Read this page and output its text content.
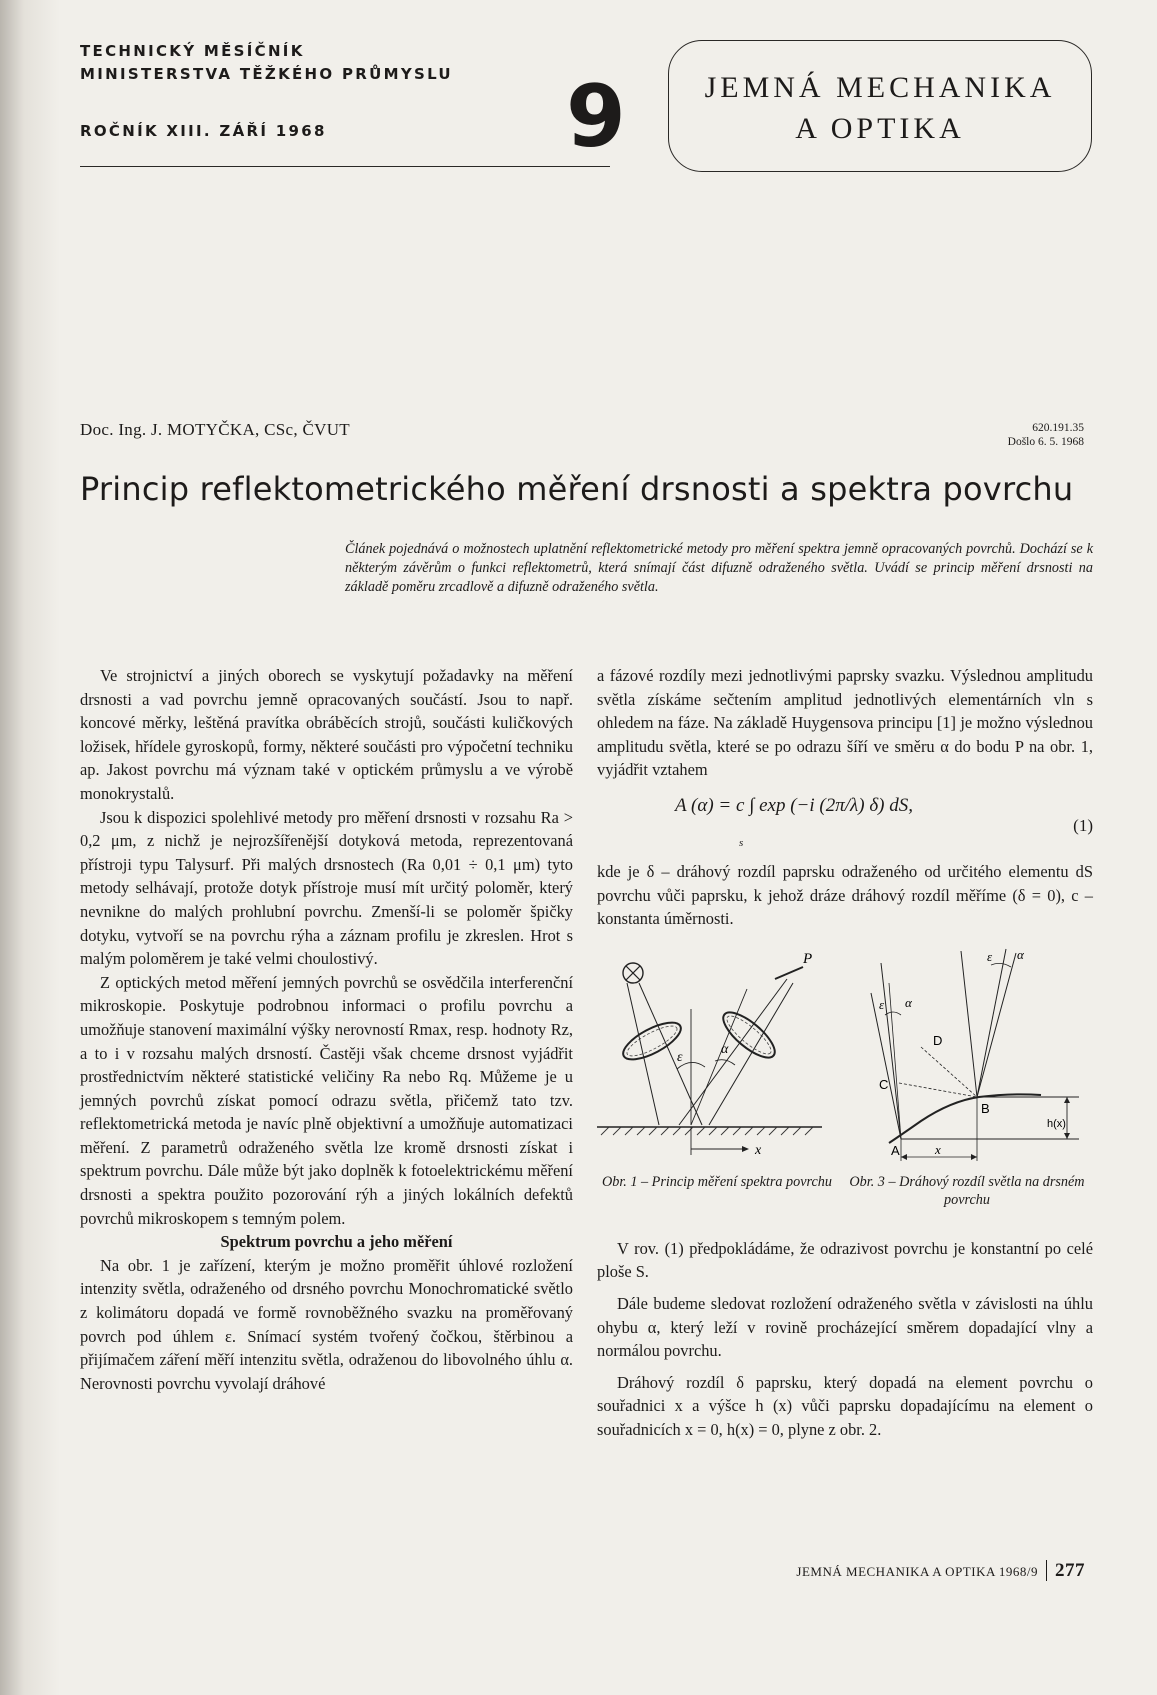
TECHNICKÝ MĚSÍČNÍK
MINISTERSTVA TĚŽKÉHO PRŮMYSLU
ROČNÍK XIII. ZÁŘÍ 1968	9	JEMNÁ MECHANIKA
A OPTIKA
Doc. Ing. J. MOTYČKA, CSc, ČVUT	620.191.35
Došlo 6. 5. 1968
Princip reflektometrického měření drsnosti a spektra povrchu
Článek pojednává o možnostech uplatnění reflektometrické metody pro měření spektra jemně opracovaných povrchů. Dochází se k některým závěrům o funkci reflektometrů, která snímají část difuzně odraženého světla. Uvádí se princip měření drsnosti na základě poměru zrcadlově a difuzně odraženého světla.

Ve strojnictví a jiných oborech se vyskytují požadavky na měření drsnosti a vad povrchu jemně opracovaných součástí. Jsou to např. koncové měrky, leštěná pravítka obráběcích strojů, součásti kuličkových ložisek, hřídele gyroskopů, formy, některé součásti pro výpočetní techniku ap. Jakost povrchu má význam také v optickém průmyslu a ve výrobě monokrystalů.

Jsou k dispozici spolehlivé metody pro měření drsnosti v rozsahu Ra > 0,2 μm, z nichž je nejrozšířenější dotyková metoda, reprezentovaná přístroji typu Talysurf. Při malých drsnostech (Ra 0,01 ÷ 0,1 μm) tyto metody selhávají, protože dotyk přístroje musí mít určitý poloměr, který nevnikne do malých prohlubní povrchu. Zmenší-li se poloměr špičky dotyku, vytvoří se na povrchu rýha a záznam profilu je zkreslen. Hrot s malým poloměrem je také velmi choulostivý.

Z optických metod měření jemných povrchů se osvědčila interferenční mikroskopie. Poskytuje podrobnou informaci o profilu povrchu a umožňuje stanovení maximální výšky nerovností Rmax, resp. hodnoty Rz, a to i v rozsahu malých drsností. Častěji však chceme drsnost vyjádřit prostřednictvím některé statistické veličiny Ra nebo Rq. Můžeme je u jemných povrchů získat pomocí odrazu světla, přičemž tato tzv. reflektometrická metoda je navíc plně objektivní a umožňuje automatizaci měření. Z parametrů odraženého světla lze kromě drsnosti získat i spektrum povrchu. Dále může být jako doplněk k fotoelektrickému měření drsnosti a spektra použito pozorování rýh a jiných lokálních defektů povrchů mikroskopem s temným polem.

Spektrum povrchu a jeho měření

Na obr. 1 je zařízení, kterým je možno proměřit úhlové rozložení intenzity světla, odraženého od drsného povrchu Monochromatické světlo z kolimátoru dopadá ve formě rovnoběžného svazku na proměřovaný povrch pod úhlem ε. Snímací systém tvořený čočkou, štěrbinou a přijímačem záření měří intenzitu světla, odraženou do libovolného úhlu α. Nerovnosti povrchu vyvolají dráhové

a fázové rozdíly mezi jednotlivými paprsky svazku. Výslednou amplitudu světla získáme sečtením amplitud jednotlivých elementárních vln s ohledem na fáze. Na základě Huygensova principu [1] je možno výslednou amplitudu světla, které se po odrazu šíří ve směru α do bodu P na obr. 1, vyjádřit vztahem

A (α) = c ∫ exp (−i (2π/λ) δ) dS,
s
(1)

kde je δ – dráhový rozdíl paprsku odraženého od určitého elementu dS povrchu vůči paprsku, k jehož dráze dráhový rozdíl měříme (δ = 0), c – konstanta úměrnosti.

P
ε
α
x
ε α
ε α
D
C
B
A
h(x)
x
Obr. 1 – Princip měření spektra povrchu	Obr. 3 – Dráhový rozdíl světla na drsném povrchu

V rov. (1) předpokládáme, že odrazivost povrchu je konstantní po celé ploše S.

Dále budeme sledovat rozložení odraženého světla v závislosti na úhlu ohybu α, který leží v rovině procházející směrem dopadající vlny a normálou povrchu.

Dráhový rozdíl δ paprsku, který dopadá na element povrchu o souřadnici x a výšce h (x) vůči paprsku dopadajícímu na element o souřadnicích x = 0, h(x) = 0, plyne z obr. 2.

JEMNÁ MECHANIKA A OPTIKA 1968/9 277
